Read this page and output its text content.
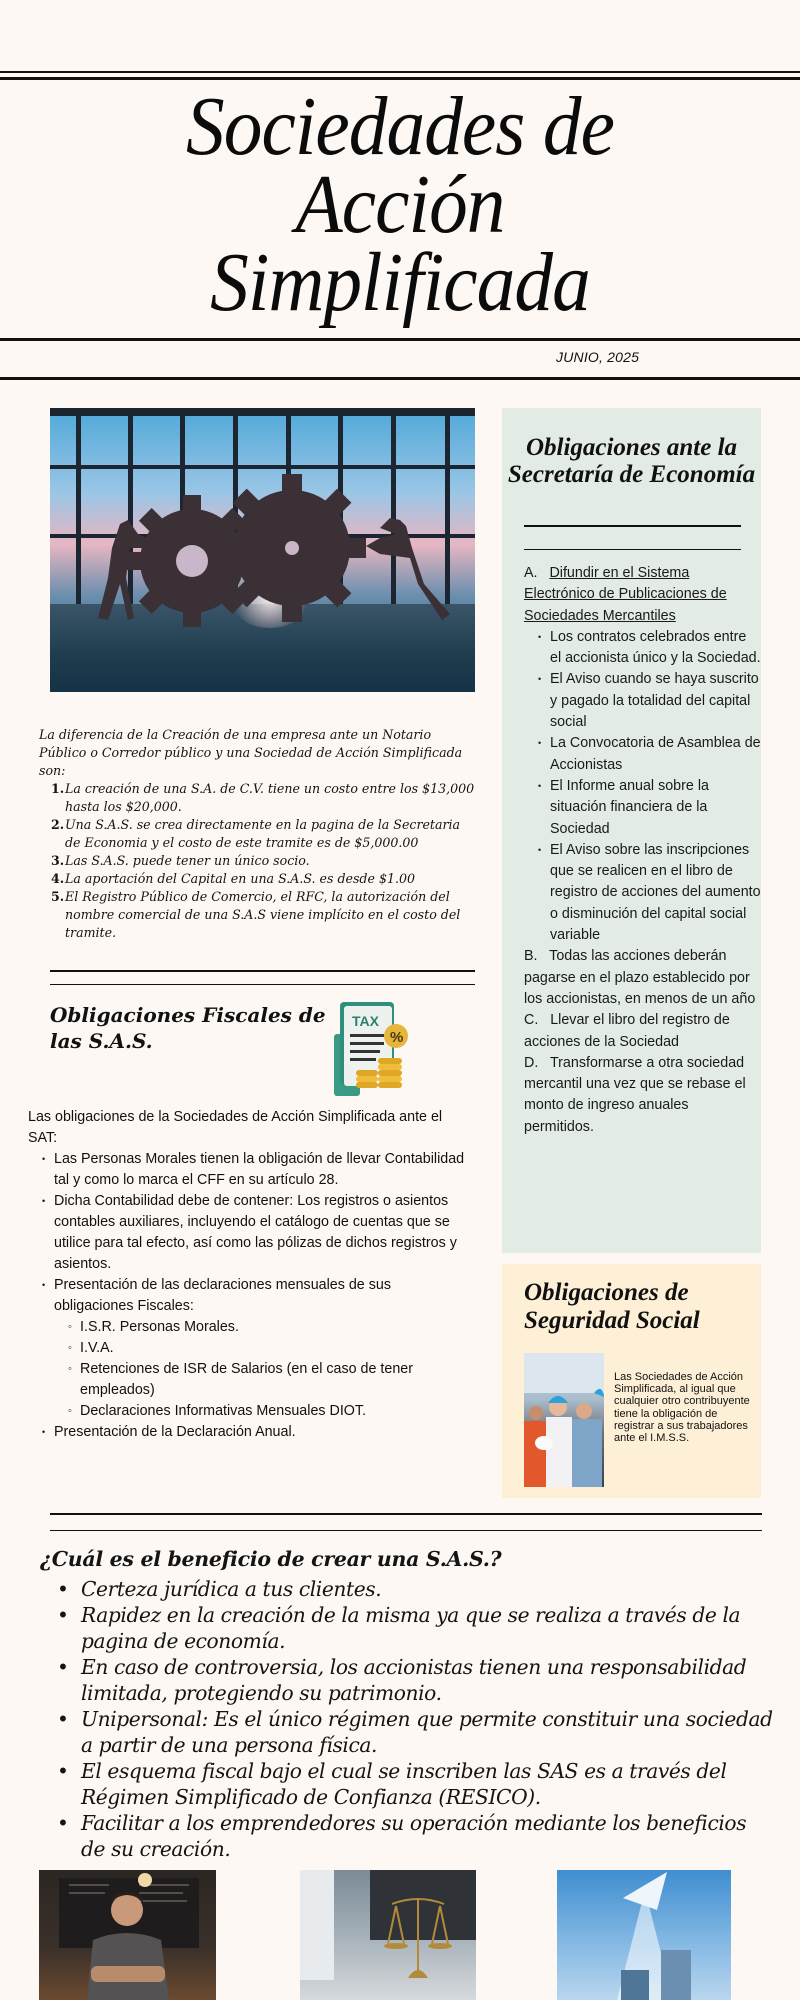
Sociedades de
Acción
Simplificada
JUNIO, 2025

La diferencia de la Creación de una empresa ante un Notario Público o Corredor público y una Sociedad de Acción Simplificada son:

1. La creación de una S.A. de C.V. tiene un costo entre los $13,000 hasta los $20,000.
2. Una S.A.S. se crea directamente en la pagina de la Secretaria de Economia y el costo de este tramite es de $5,000.00
3. Las S.A.S. puede tener un único socio.
4. La aportación del Capital en una S.A.S. es desde $1.00
5. El Registro Público de Comercio, el RFC, la autorización del nombre comercial de una S.A.S viene implícito en el costo del tramite.
Obligaciones Fiscales de las S.A.S.
TAX
%

Las obligaciones de la Sociedades de Acción Simplificada ante el SAT:

• Las Personas Morales tienen la obligación de llevar Contabilidad tal y como lo marca el CFF en su artículo 28.
• Dicha Contabilidad debe de contener: Los registros o asientos contables auxiliares, incluyendo el catálogo de cuentas que se utilice para tal efecto, así como las pólizas de dichos registros y asientos.
• Presentación de las declaraciones mensuales de sus obligaciones Fiscales:
◦ I.S.R. Personas Morales.
◦ I.V.A.
◦ Retenciones de ISR de Salarios (en el caso de tener empleados)
◦ Declaraciones Informativas Mensuales DIOT.
• Presentación de la Declaración Anual.
Obligaciones ante la Secretaría de Economía

A. Difundir en el Sistema Electrónico de Publicaciones de Sociedades Mercantiles

• Los contratos celebrados entre el accionista único y la Sociedad.
• El Aviso cuando se haya suscrito y pagado la totalidad del capital social
• La Convocatoria de Asamblea de Accionistas
• El Informe anual sobre la situación financiera de la Sociedad
• El Aviso sobre las inscripciones que se realicen en el libro de registro de acciones del aumento o disminución del capital social variable

B.   Todas las acciones deberán pagarse en el plazo establecido por los accionistas, en menos de un año

C.   Llevar el libro del registro de acciones de la Sociedad

D.   Transformarse a otra sociedad mercantil una vez que se rebase el monto de ingreso anuales permitidos.

Obligaciones de Seguridad Social

Las Sociedades de Acción Simplificada, al igual que cualquier otro contribuyente tiene la obligación de registrar a sus trabajadores ante el I.M.S.S.

¿Cuál es el beneficio de crear una S.A.S.?
• Certeza jurídica a tus clientes.
• Rapidez en la creación de la misma ya que se realiza a través de la pagina de economía.
• En caso de controversia, los accionistas tienen una responsabilidad limitada, protegiendo su patrimonio.
• Unipersonal: Es el único régimen que permite constituir una sociedad a partir de una persona física.
• El esquema fiscal bajo el cual se inscriben las SAS es a través del Régimen Simplificado de Confianza (RESICO).
• Facilitar a los emprendedores su operación mediante los beneficios de su creación.
